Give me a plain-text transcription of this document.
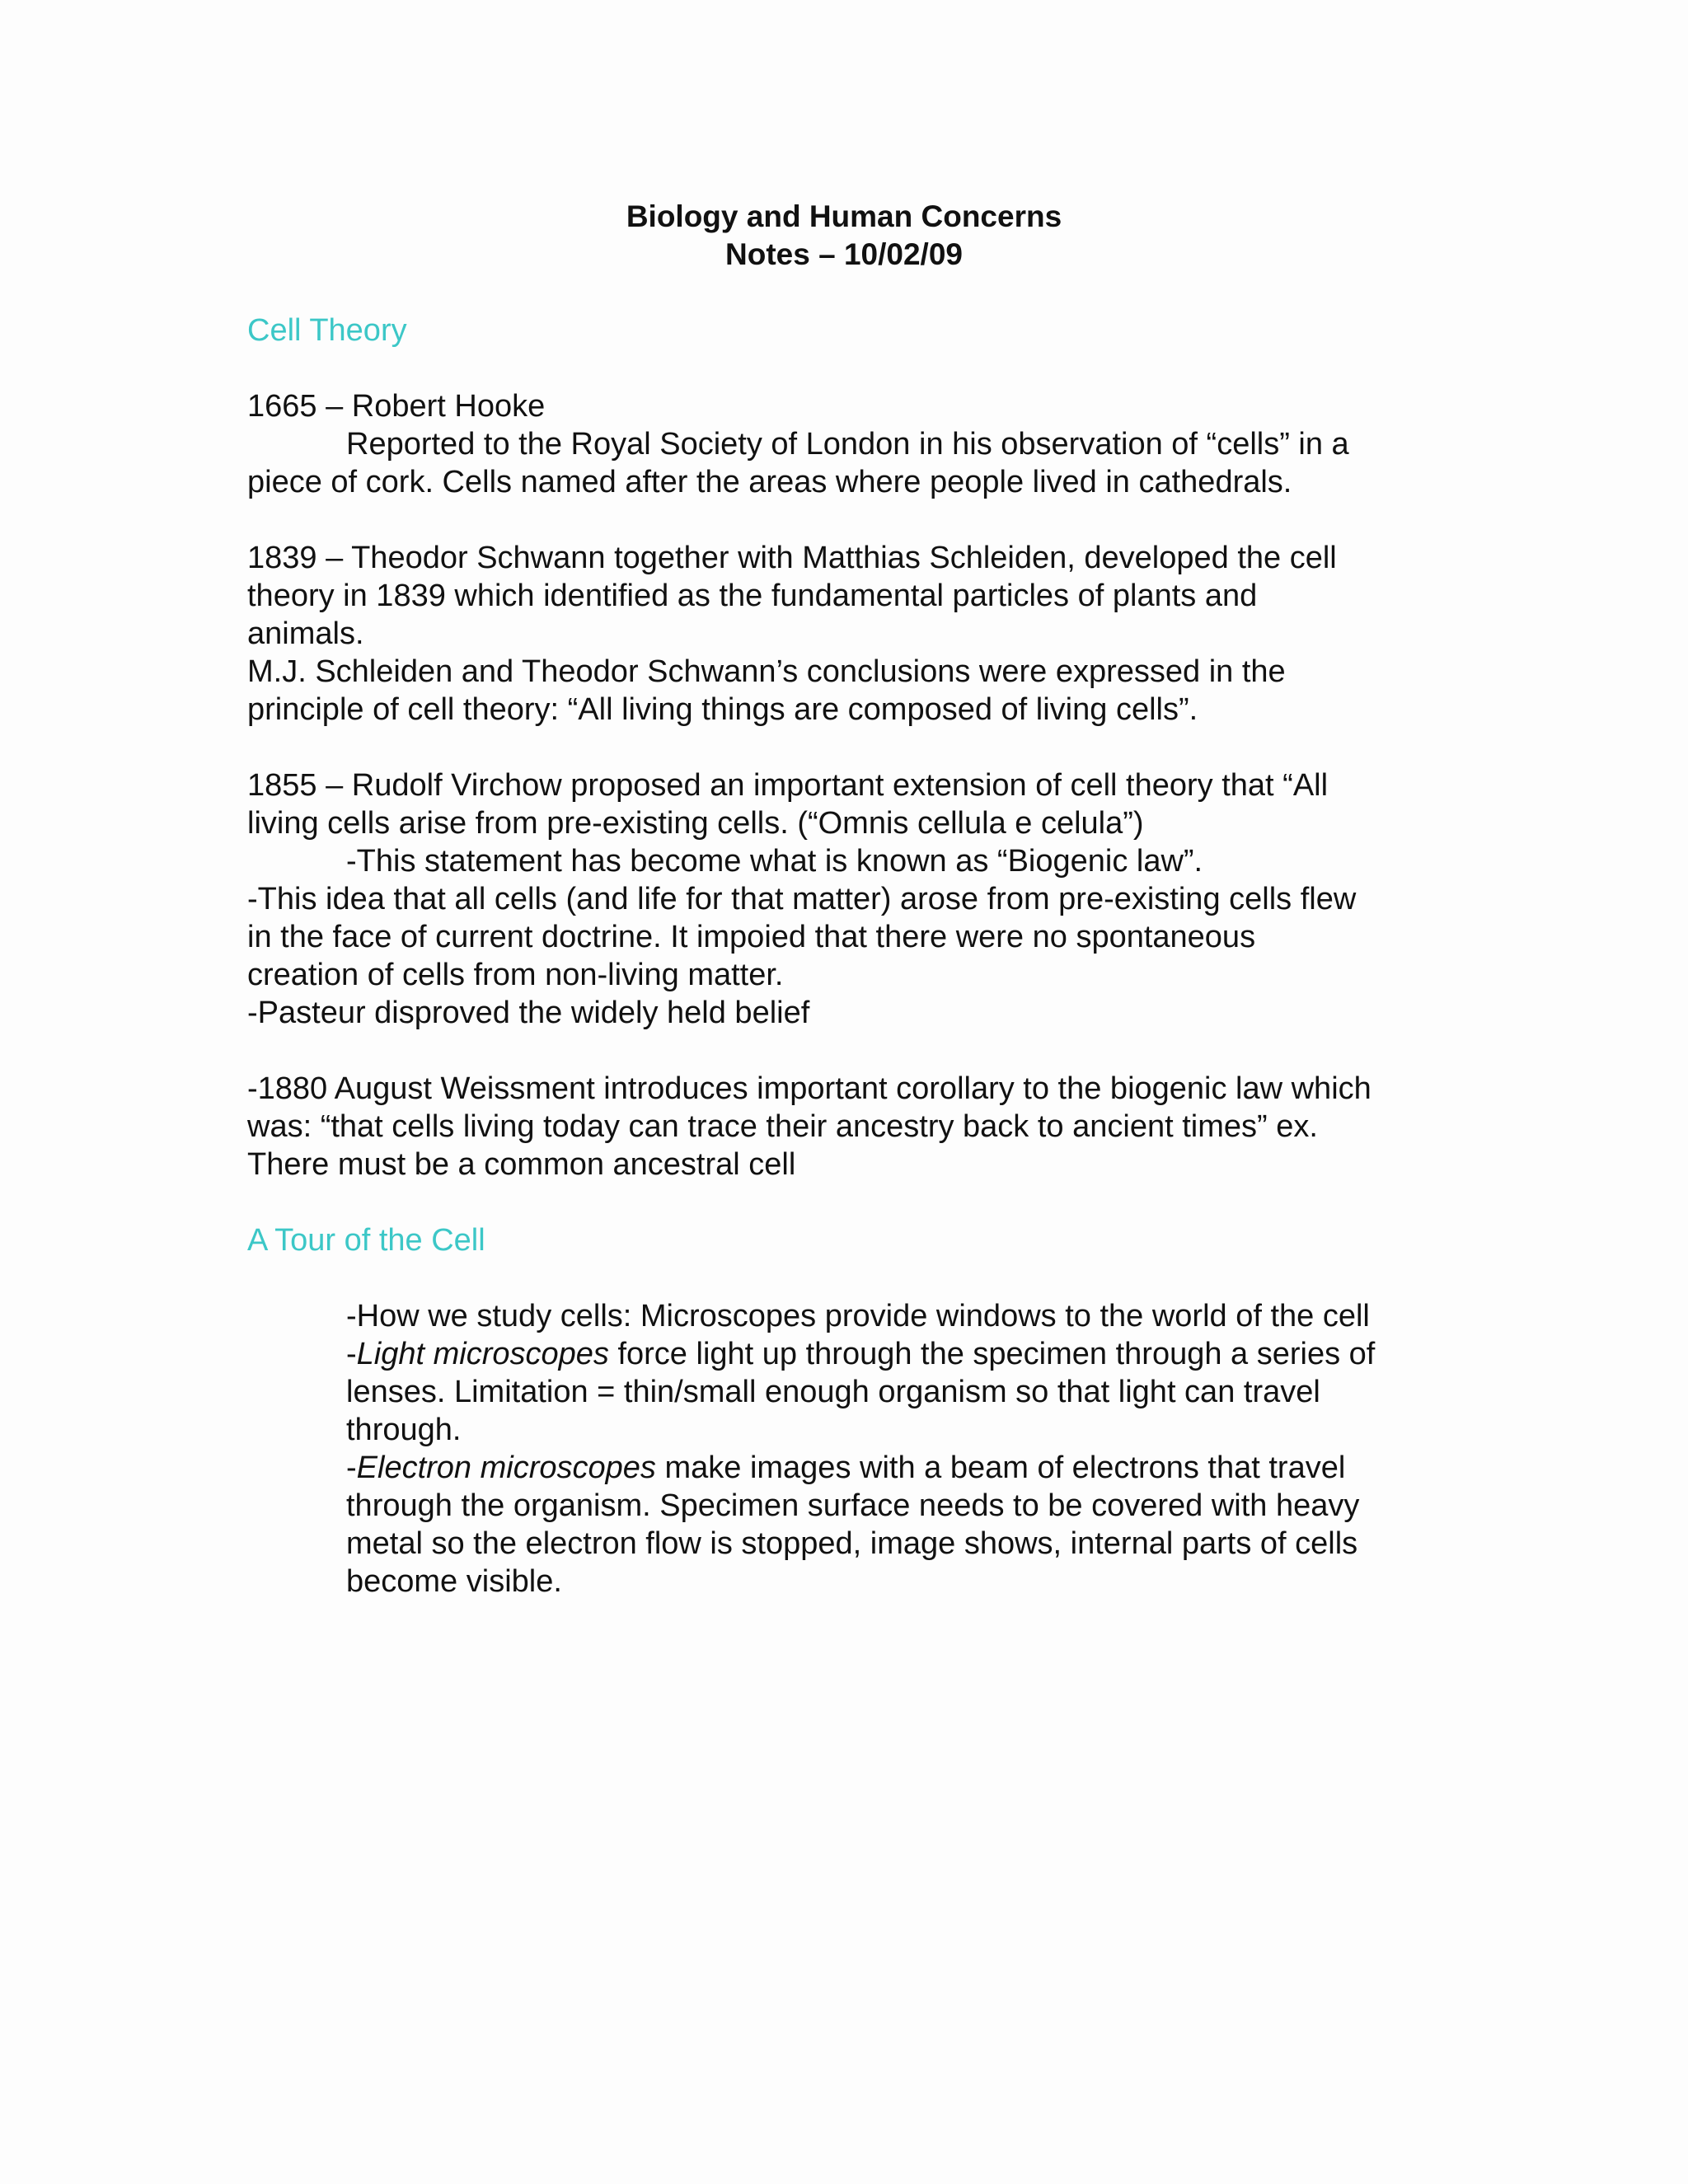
Biology and Human Concerns
Notes – 10/02/09
Cell Theory
1665 – Robert Hooke
Reported to the Royal Society of London in his observation of “cells” in a
piece of cork. Cells named after the areas where people lived in cathedrals.
1839 – Theodor Schwann together with Matthias Schleiden, developed the cell
theory in 1839 which identified as the fundamental particles of plants and
animals.
M.J. Schleiden and Theodor Schwann’s conclusions were expressed in the
principle of cell theory: “All living things are composed of living cells”.
1855 – Rudolf Virchow proposed an important extension of cell theory that “All
living cells arise from pre-existing cells. (“Omnis cellula e celula”)
-This statement has become what is known as “Biogenic law”.
-This idea that all cells (and life for that matter) arose from pre-existing cells flew
in the face of current doctrine. It impoied that there were no spontaneous
creation of cells from non-living matter.
-Pasteur disproved the widely held belief
-1880 August Weissment introduces important corollary to the biogenic law which
was: “that cells living today can trace their ancestry back to ancient times” ex.
There must be a common ancestral cell
A Tour of the Cell
-How we study cells: Microscopes provide windows to the world of the cell
-Light microscopes force light up through the specimen through a series of
lenses. Limitation = thin/small enough organism so that light can travel
through.
-Electron microscopes make images with a beam of electrons that travel
through the organism. Specimen surface needs to be covered with heavy
metal so the electron flow is stopped, image shows, internal parts of cells
become visible.
